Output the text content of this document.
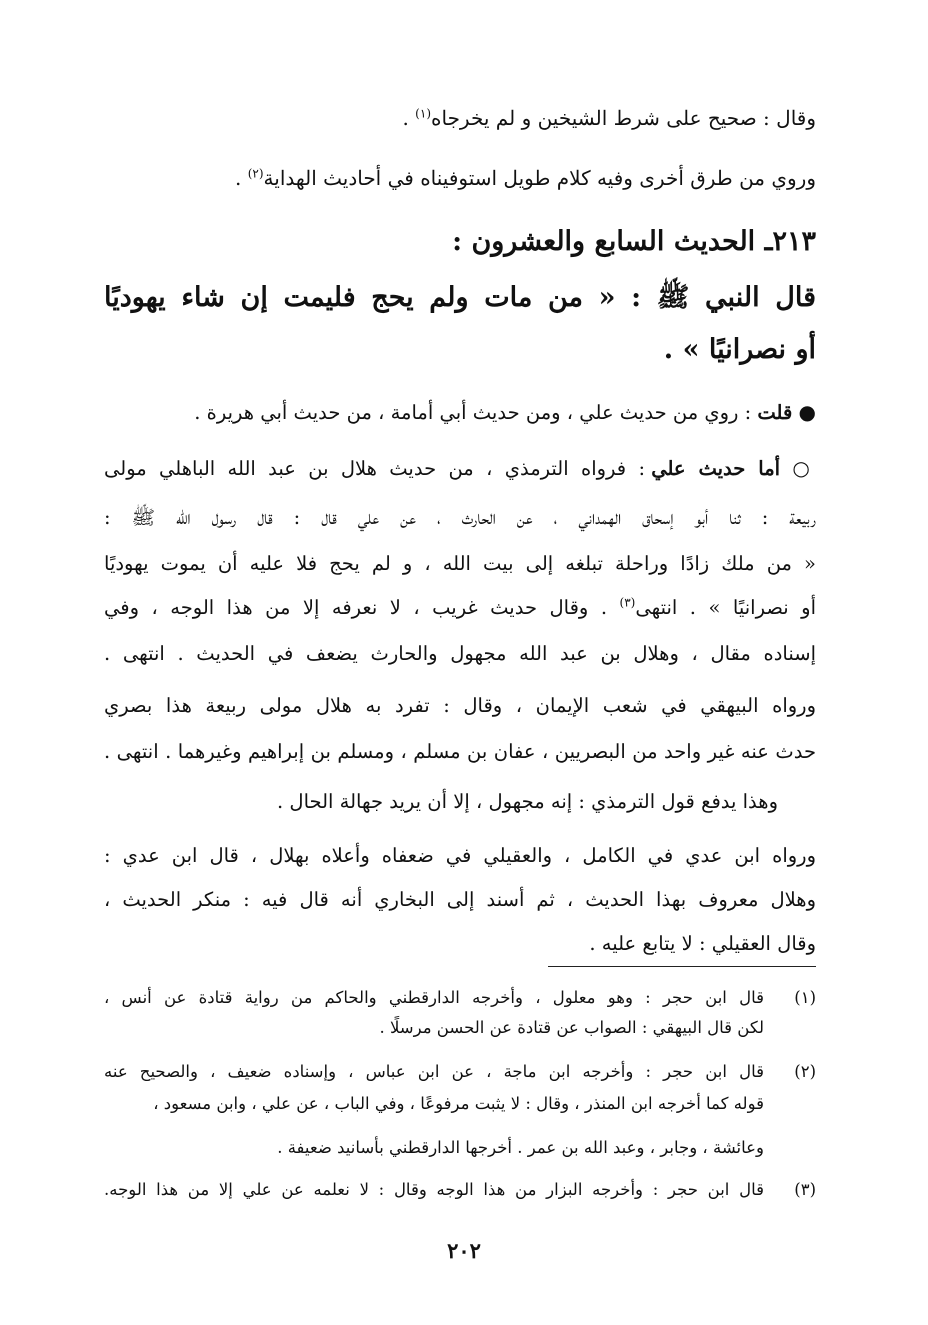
وقال : صحيح على شرط الشيخين و لم يخرجاه$^{(١)}$ .
وروي من طرق أخرى وفيه كلام طويل استوفيناه في أحاديث الهداية$^{(٢)}$ .
٢١٣ـ الحديث السابع والعشرون :
قال النبي ﷺ : « من مات ولم يحج فليمت إن شاء يهوديًا
أو نصرانيًا » .
● قلت : روي من حديث علي ، ومن حديث أبي أمامة ، من حديث أبي هريرة .
○ أما حديث علي : فرواه الترمذي ، من حديث هلال بن عبد الله الباهلي مولى
ربيعة : ثنا أبو إسحاق الهمداني ، عن الحارث ، عن علي قال : قال رسول الله ﷺ :
« من ملك زادًا وراحلة تبلغه إلى بيت الله ، و لم يحج فلا عليه أن يموت يهوديًا
أو نصرانيًا » . انتهى$^{(٣)}$ . وقال حديث غريب ، لا نعرفه إلا من هذا الوجه ، وفي
إسناده مقال ، وهلال بن عبد الله مجهول والحارث يضعف في الحديث . انتهى .
ورواه البيهقي في شعب الإيمان ، وقال : تفرد به هلال مولى ربيعة هذا بصري
حدث عنه غير واحد من البصريين ، عفان بن مسلم ، ومسلم بن إبراهيم وغيرهما . انتهى .
وهذا يدفع قول الترمذي : إنه مجهول ، إلا أن يريد جهالة الحال .
ورواه ابن عدي في الكامل ، والعقيلي في ضعفاه وأعلاه بهلال ، قال ابن عدي :
وهلال معروف بهذا الحديث ، ثم أسند إلى البخاري أنه قال فيه : منكر الحديث ،
وقال العقيلي : لا يتابع عليه .
(١)
قال ابن حجر : وهو معلول ، وأخرجه الدارقطني والحاكم من رواية قتادة عن أنس ،
لكن قال البيهقي : الصواب عن قتادة عن الحسن مرسلًا .
(٢)
قال ابن حجر : وأخرجه ابن ماجة ، عن ابن عباس ، وإسناده ضعيف ، والصحيح عنه
قوله كما أخرجه ابن المنذر ، وقال : لا يثبت مرفوعًا ، وفي الباب ، عن علي ، وابن مسعود ،
وعائشة ، وجابر ، وعبد الله بن عمر . أخرجها الدارقطني بأسانيد ضعيفة .
(٣)
قال ابن حجر : وأخرجه البزار من هذا الوجه وقال : لا نعلمه عن علي إلا من هذا الوجه.
٢٠٢
